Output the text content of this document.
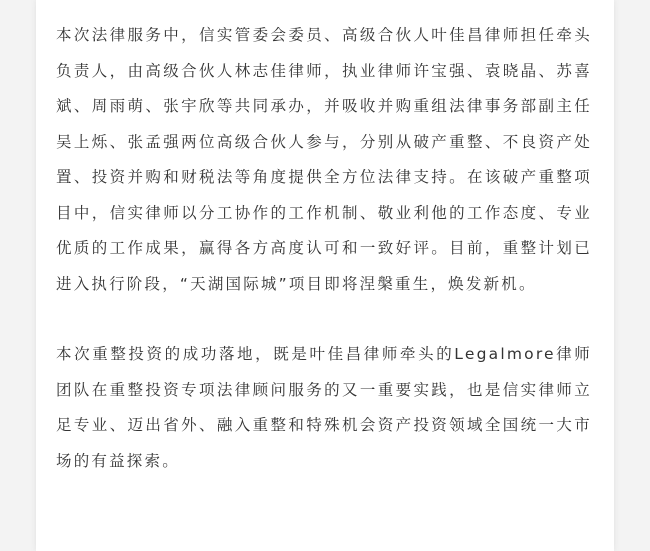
本次法律服务中，信实管委会委员、高级合伙人叶佳昌律师担任牵头负责人，由高级合伙人林志佳律师，执业律师许宝强、袁晓晶、苏喜斌、周雨萌、张宇欣等共同承办，并吸收并购重组法律事务部副主任吴上烁、张孟强两位高级合伙人参与，分别从破产重整、不良资产处置、投资并购和财税法等角度提供全方位法律支持。在该破产重整项目中，信实律师以分工协作的工作机制、敬业利他的工作态度、专业优质的工作成果，赢得各方高度认可和一致好评。目前，重整计划已进入执行阶段，“天湖国际城”项目即将涅槃重生，焕发新机。

本次重整投资的成功落地，既是叶佳昌律师牵头的Legalmore律师团队在重整投资专项法律顾问服务的又一重要实践，也是信实律师立足专业、迈出省外、融入重整和特殊机会资产投资领域全国统一大市场的有益探索。
